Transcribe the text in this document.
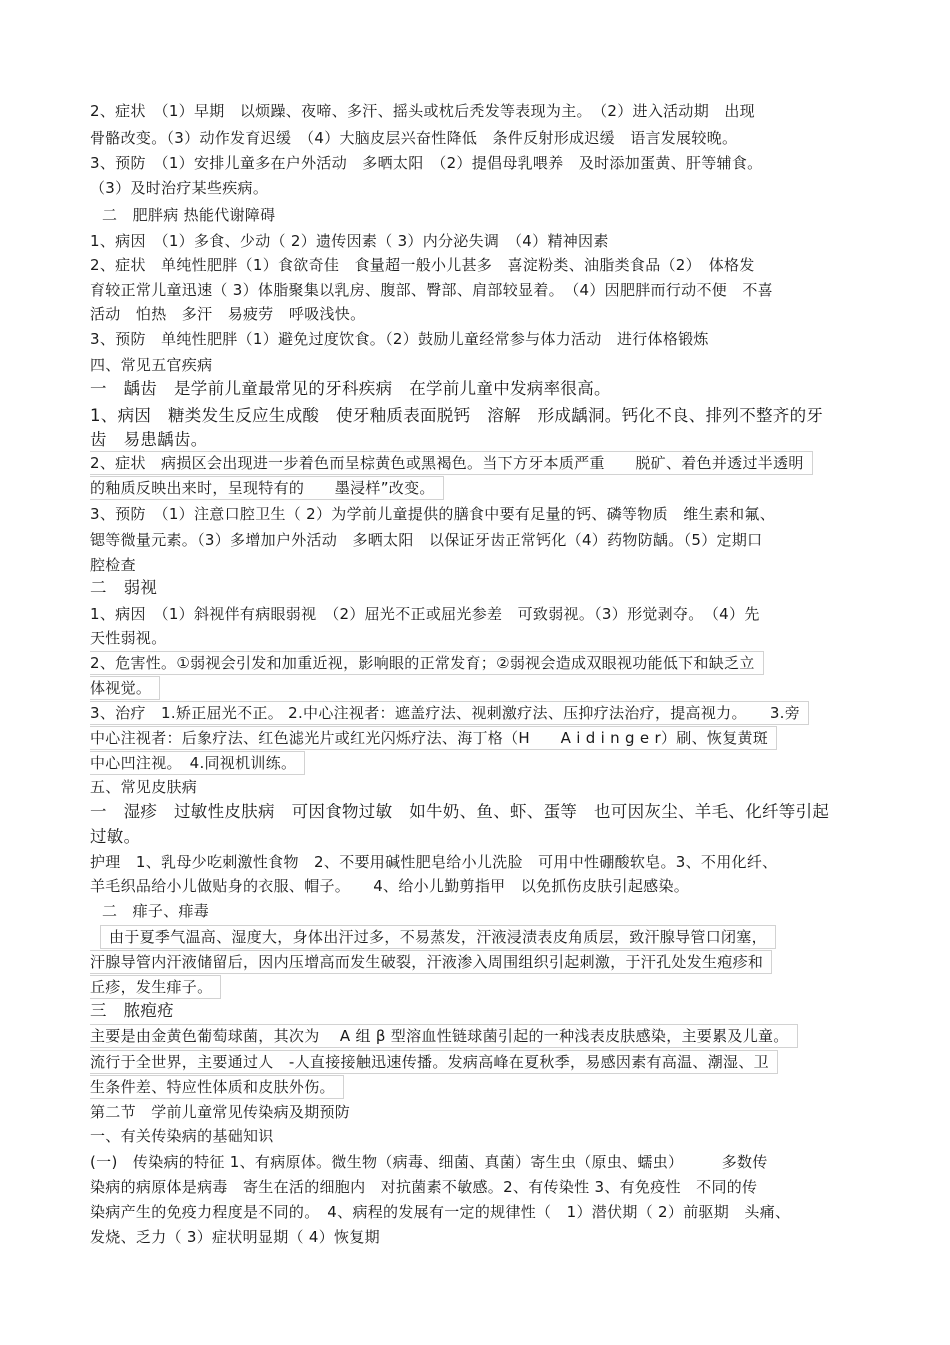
2、症状　（1）早期　以烦躁、夜啼、多汗、摇头或枕后秃发等表现为主。　（2）进入活动期　出现
骨骼改变。（3）动作发育迟缓　（4）大脑皮层兴奋性降低　条件反射形成迟缓　语言发展较晚。
3、预防　（1）安排儿童多在户外活动　多晒太阳　（2）提倡母乳喂养　及时添加蛋黄、肝等辅食。
（3）及时治疗某些疾病。
二　肥胖病 热能代谢障碍
1、病因　（1）多食、少动（ 2）遗传因素（ 3）内分泌失调　（4）精神因素
2、症状　单纯性肥胖（1）食欲奇佳　食量超一般小儿甚多　喜淀粉类、油脂类食品（2）　体格发
育较正常儿童迅速（ 3）体脂聚集以乳房、腹部、臀部、肩部较显着。　（4）因肥胖而行动不便　不喜
活动　怕热　多汗　易疲劳　呼吸浅快。
3、预防　单纯性肥胖（1）避免过度饮食。（2）鼓励儿童经常参与体力活动　进行体格锻炼
四、常见五官疾病
一　龋齿　是学前儿童最常见的牙科疾病　在学前儿童中发病率很高。
1、病因　糖类发生反应生成酸　使牙釉质表面脱钙　溶解　形成龋洞。钙化不良、排列不整齐的牙
齿　易患龋齿。
2、症状　病损区会出现进一步着色而呈棕黄色或黑褐色。当下方牙本质严重　　脱矿、着色并透过半透明
的釉质反映出来时，呈现特有的　　墨浸样”改变。
3、预防　（1）注意口腔卫生（ 2）为学前儿童提供的膳食中要有足量的钙、磷等物质　维生素和氟、
锶等微量元素。（3）多增加户外活动　多晒太阳　以保证牙齿正常钙化（4）药物防龋。（5）定期口
腔检查
二　弱视
1、病因　（1）斜视伴有病眼弱视　（2）屈光不正或屈光参差　可致弱视。（3）形觉剥夺。　（4）先
天性弱视。
2、危害性。①弱视会引发和加重近视，影响眼的正常发育；②弱视会造成双眼视功能低下和缺乏立
体视觉。
3、治疗　1.矫正屈光不正。 2.中心注视者：遮盖疗法、视刺激疗法、压抑疗法治疗，提高视力。　　3.旁
中心注视者：后象疗法、红色滤光片或红光闪烁疗法、海丁格（H　　A i d i n g e r）刷、恢复黄斑
中心凹注视。　4.同视机训练。
五、常见皮肤病
一　湿疹　过敏性皮肤病　可因食物过敏　如牛奶、鱼、虾、蛋等　也可因灰尘、羊毛、化纤等引起
过敏。
护理　1、乳母少吃刺激性食物　2、不要用碱性肥皂给小儿洗脸　可用中性硼酸软皂。3、不用化纤、
羊毛织品给小儿做贴身的衣服、帽子。　　4、给小儿勤剪指甲　以免抓伤皮肤引起感染。
二　痱子、痱毒
由于夏季气温高、湿度大，身体出汗过多，不易蒸发，汗液浸渍表皮角质层，致汗腺导管口闭塞，
汗腺导管内汗液储留后，因内压增高而发生破裂，汗液渗入周围组织引起刺激，于汗孔处发生疱疹和
丘疹，发生痱子。
三　脓疱疮
主要是由金黄色葡萄球菌，其次为　 A 组 β 型溶血性链球菌引起的一种浅表皮肤感染，主要累及儿童。
流行于全世界，主要通过人　-人直接接触迅速传播。发病高峰在夏秋季，易感因素有高温、潮湿、卫
生条件差、特应性体质和皮肤外伤。
第二节　学前儿童常见传染病及期预防
一、有关传染病的基础知识
(一)　传染病的特征 1、有病原体。微生物（病毒、细菌、真菌）寄生虫（原虫、蠕虫）　　　多数传
染病的病原体是病毒　寄生在活的细胞内　对抗菌素不敏感。2、有传染性 3、有免疫性　不同的传
染病产生的免疫力程度是不同的。　4、病程的发展有一定的规律性（　1）潜伏期（ 2）前驱期　头痛、
发烧、乏力（ 3）症状明显期（ 4）恢复期
